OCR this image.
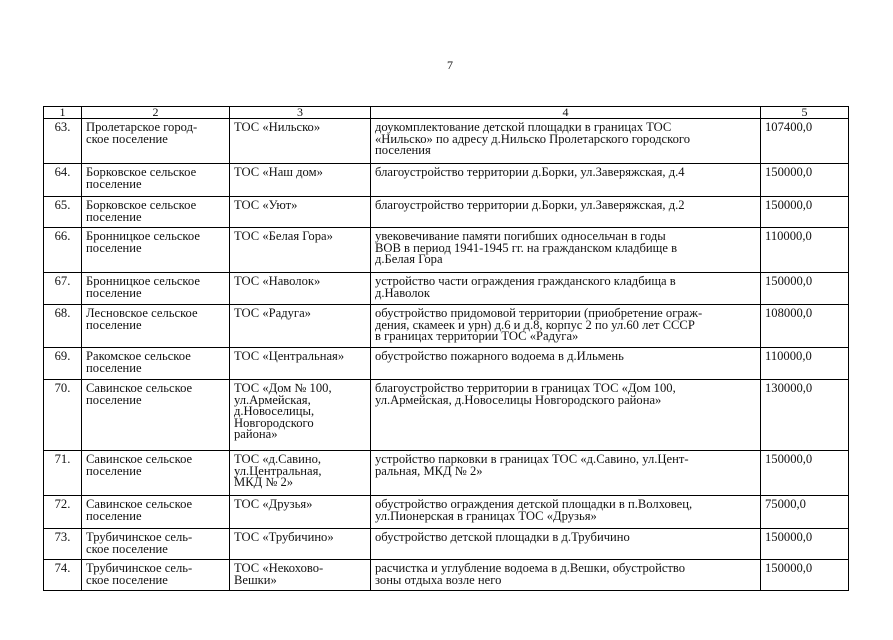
7
1	2	3	4	5
63.	Пролетарское город-
ское поселение	ТОС «Нильско»	доукомплектование детской площадки в границах ТОС
«Нильско» по адресу д.Нильско Пролетарского городского
поселения	107400,0
64.	Борковское сельское
поселение	ТОС «Наш дом»	благоустройство территории д.Борки, ул.Заверяжская, д.4	150000,0
65.	Борковское сельское
поселение	ТОС «Уют»	благоустройство территории д.Борки, ул.Заверяжская, д.2	150000,0
66.	Бронницкое сельское
поселение	ТОС «Белая Гора»	увековечивание памяти погибших односельчан в годы
ВОВ в период 1941-1945 гг. на гражданском кладбище в
д.Белая Гора	110000,0
67.	Бронницкое сельское
поселение	ТОС «Наволок»	устройство части ограждения гражданского кладбища в
д.Наволок	150000,0
68.	Лесновское сельское
поселение	ТОС «Радуга»	обустройство придомовой территории (приобретение ограж-
дения, скамеек и урн) д.6 и д.8, корпус 2 по ул.60 лет СССР
в границах территории ТОС «Радуга»	108000,0
69.	Ракомское сельское
поселение	ТОС «Центральная»	обустройство пожарного водоема в д.Ильмень	110000,0
70.	Савинское сельское
поселение	ТОС «Дом № 100,
ул.Армейская,
д.Новоселицы,
Новгородского
района»	благоустройство территории в границах ТОС «Дом 100,
ул.Армейская, д.Новоселицы Новгородского района»	130000,0
71.	Савинское сельское
поселение	ТОС «д.Савино,
ул.Центральная,
МКД № 2»	устройство парковки в границах ТОС «д.Савино, ул.Цент-
ральная, МКД № 2»	150000,0
72.	Савинское сельское
поселение	ТОС «Друзья»	обустройство ограждения детской площадки в п.Волховец,
ул.Пионерская в границах ТОС «Друзья»	75000,0
73.	Трубичинское сель-
ское поселение	ТОС «Трубичино»	обустройство детской площадки в д.Трубичино	150000,0
74.	Трубичинское сель-
ское поселение	ТОС «Некохово-
Вешки»	расчистка и углубление водоема в д.Вешки, обустройство
зоны отдыха возле него	150000,0
